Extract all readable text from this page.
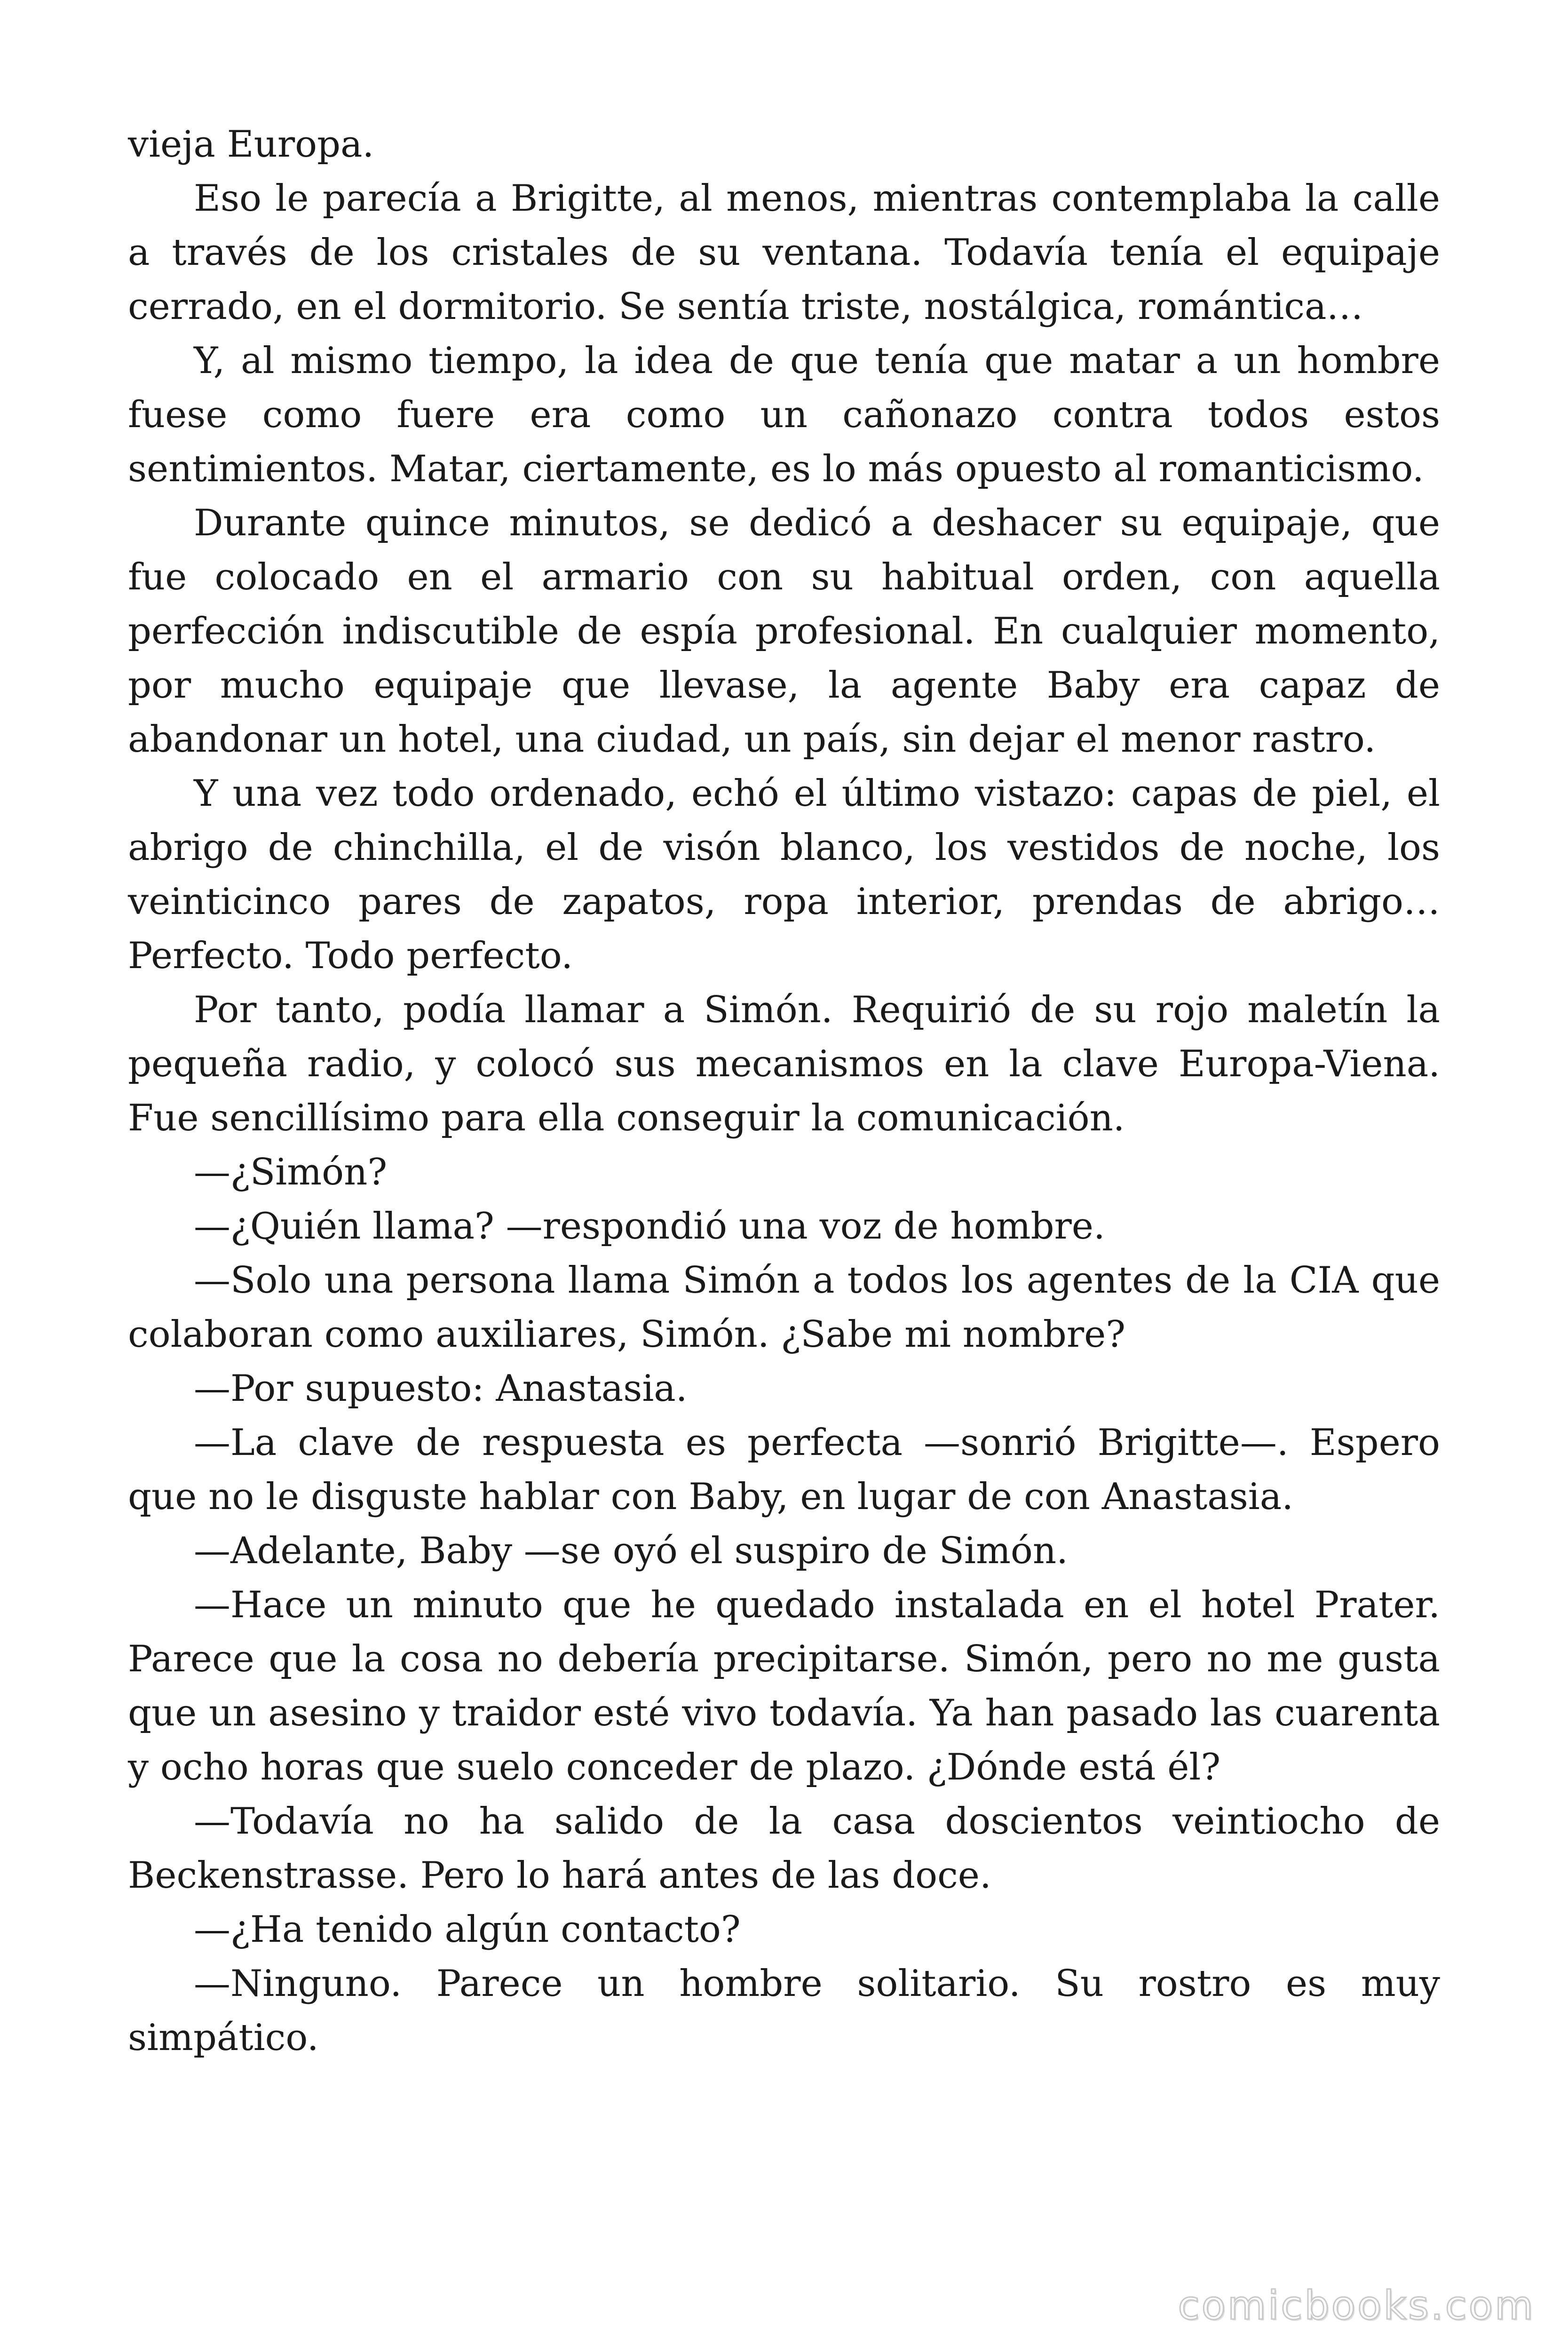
vieja Europa.

Eso le parecía a Brigitte, al menos, mientras contemplaba la calle a través de los cristales de su ventana. Todavía tenía el equipaje cerrado, en el dormitorio. Se sentía triste, nostálgica, romántica…

Y, al mismo tiempo, la idea de que tenía que matar a un hombre fuese como fuere era como un cañonazo contra todos estos sentimientos. Matar, ciertamente, es lo más opuesto al romanticismo.

Durante quince minutos, se dedicó a deshacer su equipaje, que fue colocado en el armario con su habitual orden, con aquella perfección indiscutible de espía profesional. En cualquier momento, por mucho equipaje que llevase, la agente Baby era capaz de abandonar un hotel, una ciudad, un país, sin dejar el menor rastro.

Y una vez todo ordenado, echó el último vistazo: capas de piel, el abrigo de chinchilla, el de visón blanco, los vestidos de noche, los veinticinco pares de zapatos, ropa interior, prendas de abrigo… Perfecto. Todo perfecto.

Por tanto, podía llamar a Simón. Requirió de su rojo maletín la pequeña radio, y colocó sus mecanismos en la clave Europa-Viena. Fue sencillísimo para ella conseguir la comunicación.

—¿Simón?

—¿Quién llama? —respondió una voz de hombre.

—Solo una persona llama Simón a todos los agentes de la CIA que colaboran como auxiliares, Simón. ¿Sabe mi nombre?

—Por supuesto: Anastasia.

—La clave de respuesta es perfecta —sonrió Brigitte—. Espero que no le disguste hablar con Baby, en lugar de con Anastasia.

—Adelante, Baby —se oyó el suspiro de Simón.

—Hace un minuto que he quedado instalada en el hotel Prater. Parece que la cosa no debería precipitarse. Simón, pero no me gusta que un asesino y traidor esté vivo todavía. Ya han pasado las cuarenta y ocho horas que suelo conceder de plazo. ¿Dónde está él?

—Todavía no ha salido de la casa doscientos veintiocho de Beckenstrasse. Pero lo hará antes de las doce.

—¿Ha tenido algún contacto?

—Ninguno. Parece un hombre solitario. Su rostro es muy simpático.

comicbooks.com
